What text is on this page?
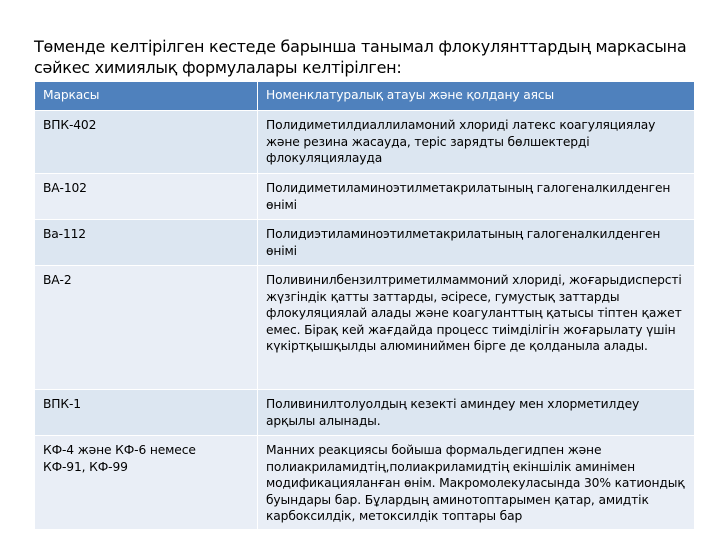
Төменде келтірілген кестеде барынша танымал флокулянттардың маркасына сәйкес химиялық формулалары келтірілген:
Маркасы	Номенклатуралық атауы және қолдану аясы
ВПК-402	Полидиметилдиаллиламоний хлориді латекс коагуляциялау және резина жасауда, теріс зарядты бөлшектерді флокуляциялауда
ВА-102	Полидиметиламиноэтилметакрилатының галогеналкилденген өнімі
Ва-112	Полидиэтиламиноэтилметакрилатының галогеналкилденген өнімі
ВА-2	Поливинилбензилтриметилмаммоний хлориді, жоғарыдисперсті жүзгіндік қатты заттарды, әсіресе, гумустық заттарды флокуляциялай алады және коагуланттың қатысы тіптен қажет емес. Бірақ кей жағдайда процесс тиімділігін жоғарылату үшін күкіртқышқылды алюминиймен бірге де қолданыла алады.
ВПК-1	Поливинилтолуолдың кезекті аминдеу мен хлорметилдеу арқылы алынады.
КФ-4 және КФ-6 немесе
КФ-91, КФ-99	Манних реакциясы бойыша формальдегидпен және полиакриламидтің,полиакриламидтің екіншілік аминімен модификацияланған өнім. Макромолекуласында 30% катиондық буындары бар. Бұлардың аминотоптарымен қатар, амидтік карбоксилдік, метоксилдік топтары бар
